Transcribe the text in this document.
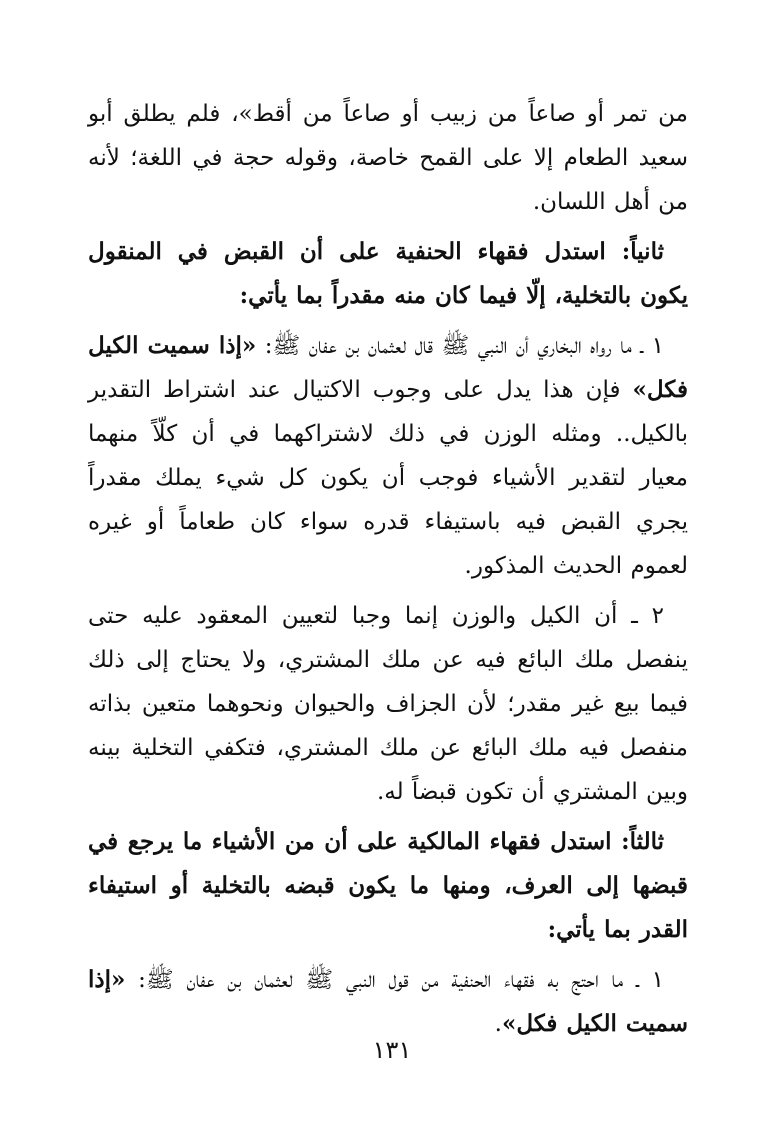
من تمر أو صاعاً من زبيب أو صاعاً من أقط»، فلم يطلق أبو سعيد الطعام إلا على القمح خاصة، وقوله حجة في اللغة؛ لأنه من أهل اللسان.

ثانياً: استدل فقهاء الحنفية على أن القبض في المنقول يكون بالتخلية، إلّا فيما كان منه مقدراً بما يأتي:

١ ـ ما رواه البخاري أن النبي ﷺ قال لعثمان بن عفان ﷺ: «إذا سميت الكيل فكل» فإن هذا يدل على وجوب الاكتيال عند اشتراط التقدير بالكيل.. ومثله الوزن في ذلك لاشتراكهما في أن كلّاً منهما معيار لتقدير الأشياء فوجب أن يكون كل شيء يملك مقدراً يجري القبض فيه باستيفاء قدره سواء كان طعاماً أو غيره لعموم الحديث المذكور.

٢ ـ أن الكيل والوزن إنما وجبا لتعيين المعقود عليه حتى ينفصل ملك البائع فيه عن ملك المشتري، ولا يحتاج إلى ذلك فيما بيع غير مقدر؛ لأن الجزاف والحيوان ونحوهما متعين بذاته منفصل فيه ملك البائع عن ملك المشتري، فتكفي التخلية بينه وبين المشتري أن تكون قبضاً له.

ثالثاً: استدل فقهاء المالكية على أن من الأشياء ما يرجع في قبضها إلى العرف، ومنها ما يكون قبضه بالتخلية أو استيفاء القدر بما يأتي:

١ ـ ما احتج به فقهاء الحنفية من قول النبي ﷺ لعثمان بن عفان ﷺ: «إذا سميت الكيل فكل».

١٣١
